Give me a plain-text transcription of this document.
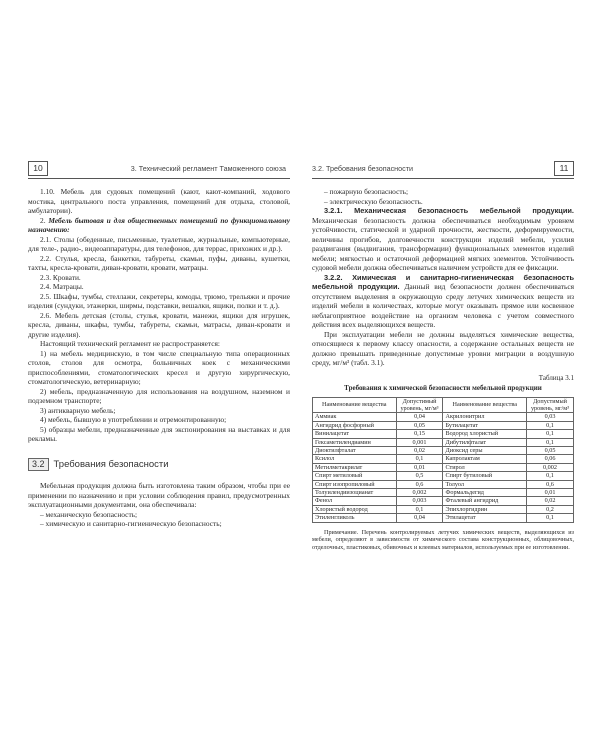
10	3. Технический регламент Таможенного союза

1.10. Мебель для судовых помещений (кают, кают-компаний, ходового мостика, центрального поста управления, помещений для отдыха, столовой, амбулатории).

2. Мебель бытовая и для общественных помещений по функциональному назначению:

2.1. Столы (обеденные, письменные, туалетные, журнальные, компьютерные, для теле-, радио-, видеоаппаратуры, для телефонов, для террас, прихожих и др.).

2.2. Стулья, кресла, банкетки, табуреты, скамьи, пуфы, диваны, кушетки, тахты, кресла-кровати, диван-кровати, кровати, матрацы.

2.3. Кровати.

2.4. Матрацы.

2.5. Шкафы, тумбы, стеллажи, секретеры, комоды, трюмо, трельяжи и прочие изделия (сундуки, этажерки, ширмы, подставки, вешалки, ящики, полки и т. д.).

2.6. Мебель детская (столы, стулья, кровати, манежи, ящики для игрушек, кресла, диваны, шкафы, тумбы, табуреты, скамьи, матрасы, диван-кровати и другие изделия).

Настоящий технический регламент не распространяется:

1) на мебель медицинскую, в том числе специальную типа операционных столов, столов для осмотра, больничных коек с механическими приспособлениями, стоматологических кресел и другую хирургическую, стоматологическую, ветеринарную;

2) мебель, предназначенную для использования на воздушном, наземном и подземном транспорте;

3) антикварную мебель;

4) мебель, бывшую в употреблении и отремонтированную;

5) образцы мебели, предназначенные для экспонирования на выставках и для рекламы.

3.2 Требования безопасности

Мебельная продукция должна быть изготовлена таким образом, чтобы при ее применении по назначению и при условии соблюдения правил, предусмотренных эксплуатационными документами, она обеспечивала:

– механическую безопасность;

– химическую и санитарно-гигиеническую безопасность;

3.2. Требования безопасности	11

– пожарную безопасность;

– электрическую безопасность.

3.2.1. Механическая безопасность мебельной продукции. Механическая безопасность должна обеспечиваться необходимым уровнем устойчивости, статической и ударной прочности, жесткости, деформируемости, величины прогибов, долговечности конструкции изделий мебели, усилия раздвигания (выдвигания, трансформации) функциональных элементов изделий мебели; мягкостью и остаточной деформацией мягких элементов. Устойчивость судовой мебели должна обеспечиваться наличием устройств для ее фиксации.

3.2.2. Химическая и санитарно-гигиеническая безопасность мебельной продукции. Данный вид безопасности должен обеспечиваться отсутствием выделения в окружающую среду летучих химических веществ из изделий мебели в количествах, которые могут оказывать прямое или косвенное неблагоприятное воздействие на организм человека с учетом совместного действия всех выделяющихся веществ.

При эксплуатации мебели не должны выделяться химические вещества, относящиеся к первому классу опасности, а содержание остальных веществ не должно превышать приведенные допустимые уровни миграции в воздушную среду, мг/м³ (табл. 3.1).

Таблица 3.1
Требования к химической безопасности мебельной продукции
Наименование вещества	Допустимый уровень, мг/м³	Наименование вещества	Допустимый уровень, мг/м³
Аммиак	0,04	Акрилонитрил	0,03
Ангидрид фосфорный	0,05	Бутилацетат	0,1
Винилацетат	0,15	Водород хлористый	0,1
Гексаметилендиамин	0,001	Дибутилфталат	0,1
Диоктилфталат	0,02	Диоксид серы	0,05
Ксилол	0,1	Капролактам	0,06
Метилметакрилат	0,01	Стирол	0,002
Спирт метиловый	0,5	Спирт бутиловый	0,1
Спирт изопропиловый	0,6	Толуол	0,6
Толуилендиизоцианат	0,002	Формальдегид	0,01
Фенол	0,003	Фталевый ангидрид	0,02
Хлористый водород	0,1	Эпихлоргидрин	0,2
Этиленгликоль	0,04	Этилацетат	0,1
Примечание. Перечень контролируемых летучих химических веществ, выделяющихся из мебели, определяют в зависимости от химического состава конструкционных, облицовочных, отделочных, пластиковых, обивочных и клеевых материалов, используемых при ее изготовлении.
